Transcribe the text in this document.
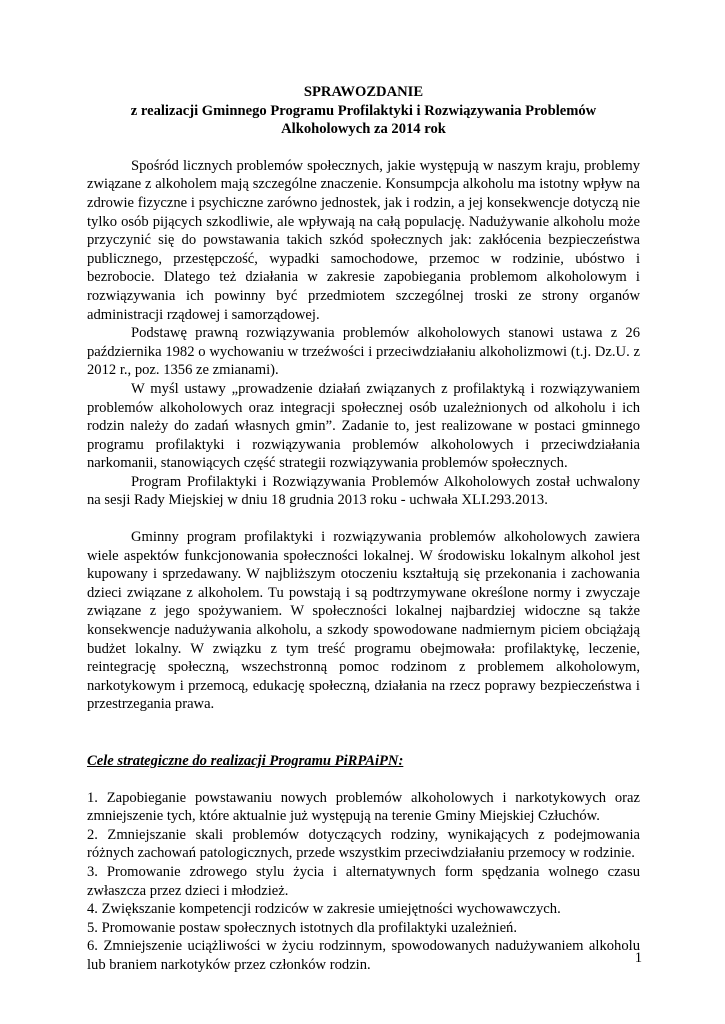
SPRAWOZDANIE
z realizacji Gminnego Programu Profilaktyki i Rozwiązywania Problemów
Alkoholowych za 2014 rok

Spośród licznych problemów społecznych, jakie występują w naszym kraju, problemy związane z alkoholem mają szczególne znaczenie. Konsumpcja alkoholu ma istotny wpływ na zdrowie fizyczne i psychiczne zarówno jednostek, jak i rodzin, a jej konsekwencje dotyczą nie tylko osób pijących szkodliwie, ale wpływają na całą populację. Nadużywanie alkoholu może przyczynić się do powstawania takich szkód społecznych jak: zakłócenia bezpieczeństwa publicznego, przestępczość, wypadki samochodowe, przemoc w rodzinie, ubóstwo i bezrobocie. Dlatego też działania w zakresie zapobiegania problemom alkoholowym i rozwiązywania ich powinny być przedmiotem szczególnej troski ze strony organów administracji rządowej i samorządowej.

Podstawę prawną rozwiązywania problemów alkoholowych stanowi ustawa z 26 października 1982 o wychowaniu w trzeźwości i przeciwdziałaniu alkoholizmowi (t.j. Dz.U. z 2012 r., poz. 1356 ze zmianami).

W myśl ustawy „prowadzenie działań związanych z profilaktyką i rozwiązywaniem problemów alkoholowych oraz integracji społecznej osób uzależnionych od alkoholu i ich rodzin należy do zadań własnych gmin”. Zadanie to, jest realizowane w postaci gminnego programu profilaktyki i rozwiązywania problemów alkoholowych i przeciwdziałania narkomanii, stanowiących część strategii rozwiązywania problemów społecznych.

Program Profilaktyki i Rozwiązywania Problemów Alkoholowych został uchwalony na sesji Rady Miejskiej w dniu 18 grudnia 2013 roku - uchwała XLI.293.2013.

Gminny program profilaktyki i rozwiązywania problemów alkoholowych zawiera wiele aspektów funkcjonowania społeczności lokalnej. W środowisku lokalnym alkohol jest kupowany i sprzedawany. W najbliższym otoczeniu kształtują się przekonania i zachowania dzieci związane z alkoholem. Tu powstają i są podtrzymywane określone normy i zwyczaje związane z jego spożywaniem. W społeczności lokalnej najbardziej widoczne są także konsekwencje nadużywania alkoholu, a szkody spowodowane nadmiernym piciem obciążają budżet lokalny. W związku z tym treść programu obejmowała: profilaktykę, leczenie, reintegrację społeczną, wszechstronną pomoc rodzinom z problemem alkoholowym, narkotykowym i przemocą, edukację społeczną, działania na rzecz poprawy bezpieczeństwa i przestrzegania prawa.

Cele strategiczne do realizacji Programu PiRPAiPN:

1. Zapobieganie powstawaniu nowych problemów alkoholowych i narkotykowych oraz zmniejszenie tych, które aktualnie już występują na terenie Gminy Miejskiej Człuchów.
2. Zmniejszanie skali problemów dotyczących rodziny, wynikających z podejmowania różnych zachowań patologicznych, przede wszystkim przeciwdziałaniu przemocy w rodzinie.
3. Promowanie zdrowego stylu życia i alternatywnych form spędzania wolnego czasu zwłaszcza przez dzieci i młodzież.
4. Zwiększanie kompetencji rodziców w zakresie umiejętności wychowawczych.
5. Promowanie postaw społecznych istotnych dla profilaktyki uzależnień.
6. Zmniejszenie uciążliwości w życiu rodzinnym, spowodowanych nadużywaniem alkoholu lub braniem narkotyków przez członków rodzin.	1
